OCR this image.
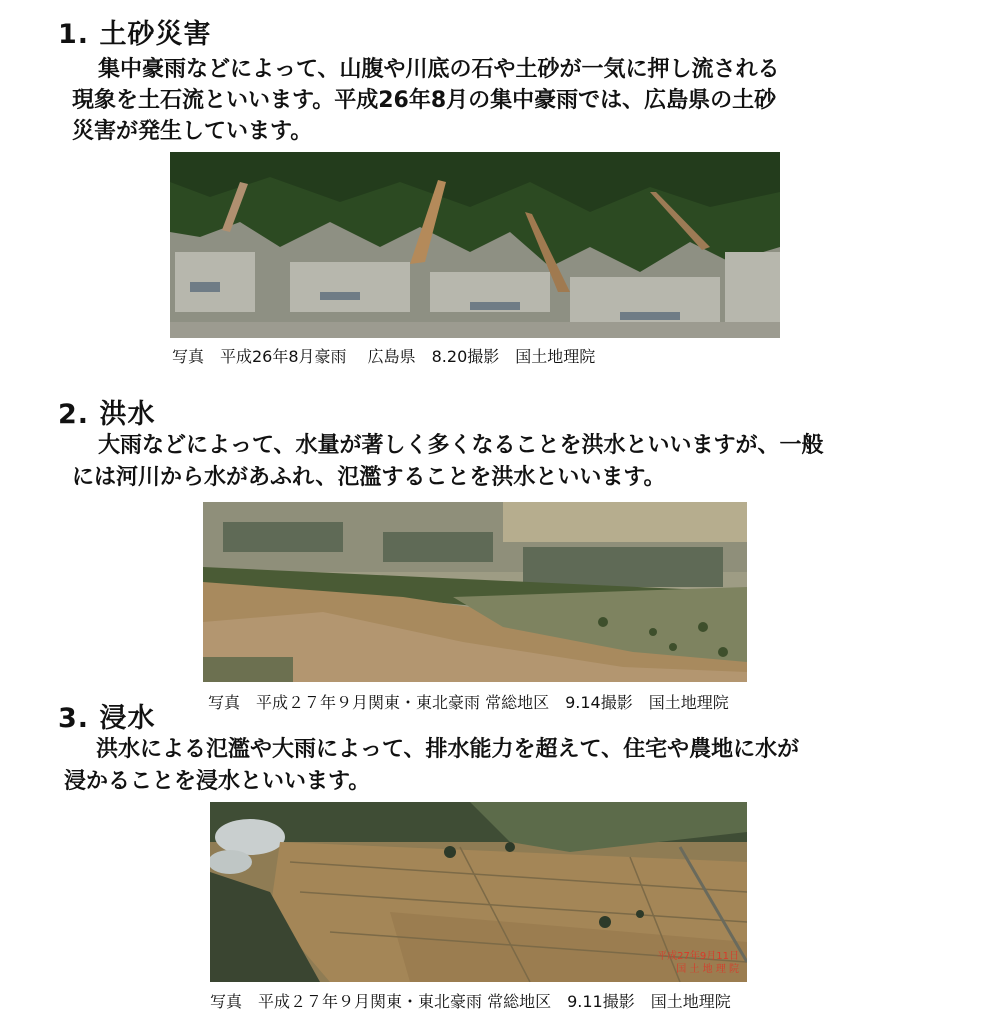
1. 土砂災害

集中豪雨などによって、山腹や川底の石や土砂が一気に押し流される

現象を土石流といいます。平成26年8月の集中豪雨では、広島県の土砂

災害が発生しています。

写真　平成26年8月豪雨　 広島県　8.20撮影　国土地理院

2. 洪水

大雨などによって、水量が著しく多くなることを洪水といいますが、一般

には河川から水があふれ、氾濫することを洪水といいます。

写真　平成２７年９月関東・東北豪雨 常総地区　9.14撮影　国土地理院

3. 浸水

洪水による氾濫や大雨によって、排水能力を超えて、住宅や農地に水が

浸かることを浸水といいます。

平成27年9月11日
国 土 地 理 院

写真　平成２７年９月関東・東北豪雨 常総地区　9.11撮影　国土地理院
